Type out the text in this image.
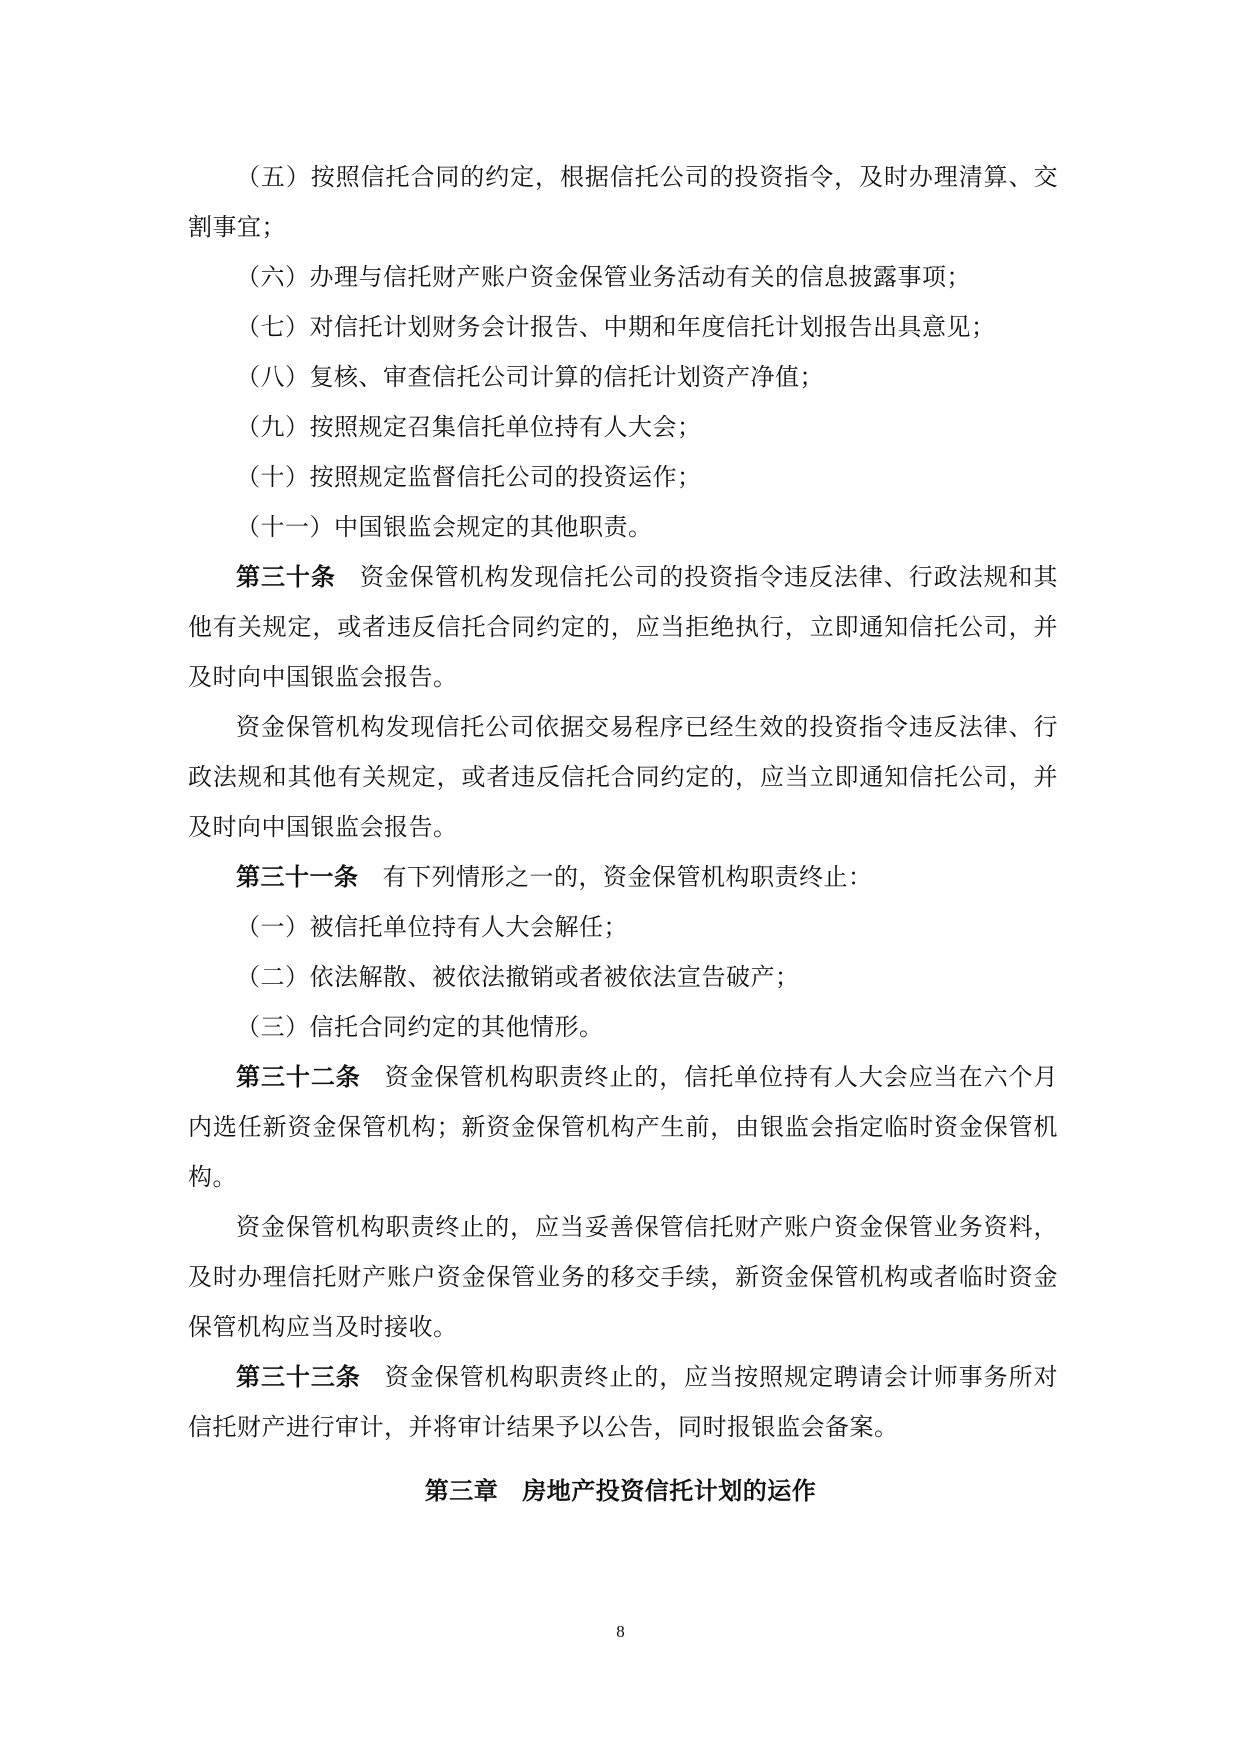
（五）按照信托合同的约定，根据信托公司的投资指令，及时办理清算、交割事宜；

（六）办理与信托财产账户资金保管业务活动有关的信息披露事项；

（七）对信托计划财务会计报告、中期和年度信托计划报告出具意见；

（八）复核、审查信托公司计算的信托计划资产净值；

（九）按照规定召集信托单位持有人大会；

（十）按照规定监督信托公司的投资运作；

（十一）中国银监会规定的其他职责。

第三十条 资金保管机构发现信托公司的投资指令违反法律、行政法规和其他有关规定，或者违反信托合同约定的，应当拒绝执行，立即通知信托公司，并及时向中国银监会报告。

资金保管机构发现信托公司依据交易程序已经生效的投资指令违反法律、行政法规和其他有关规定，或者违反信托合同约定的，应当立即通知信托公司，并及时向中国银监会报告。

第三十一条 有下列情形之一的，资金保管机构职责终止：

（一）被信托单位持有人大会解任；

（二）依法解散、被依法撤销或者被依法宣告破产；

（三）信托合同约定的其他情形。

第三十二条 资金保管机构职责终止的，信托单位持有人大会应当在六个月内选任新资金保管机构；新资金保管机构产生前，由银监会指定临时资金保管机构。

资金保管机构职责终止的，应当妥善保管信托财产账户资金保管业务资料，及时办理信托财产账户资金保管业务的移交手续，新资金保管机构或者临时资金保管机构应当及时接收。

第三十三条 资金保管机构职责终止的，应当按照规定聘请会计师事务所对信托财产进行审计，并将审计结果予以公告，同时报银监会备案。

第三章 房地产投资信托计划的运作
8
